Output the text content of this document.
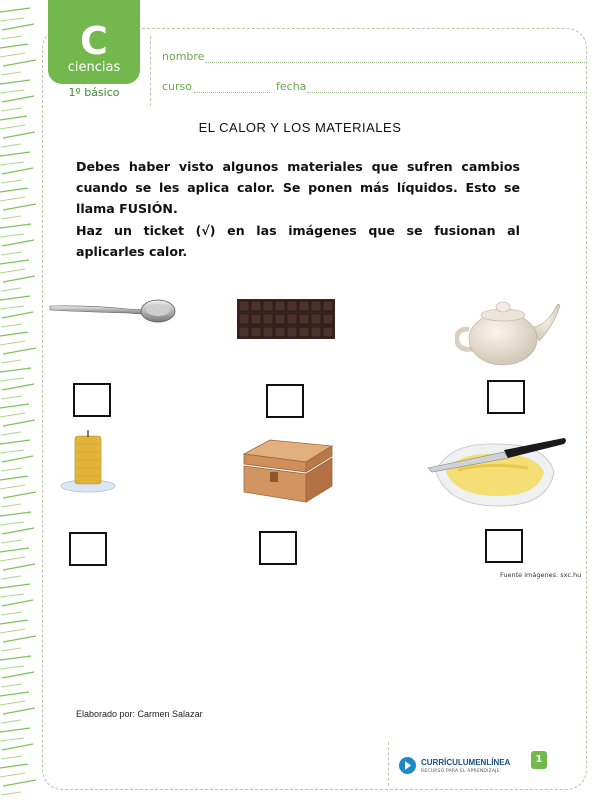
C
ciencias
1º básico
nombre
curso	fecha
EL CALOR Y LOS MATERIALES
Debes haber visto algunos materiales que sufren cambios cuando se les aplica calor. Se ponen más líquidos. Esto se llama FUSIÓN.
Haz un ticket (√) en las imágenes que se fusionan al aplicarles calor.
Fuente imágenes: sxc.hu
Elaborado por: Carmen Salazar
CURRÍCULUMENLÍNEA
RECURSO PARA EL APRENDIZAJE
1
